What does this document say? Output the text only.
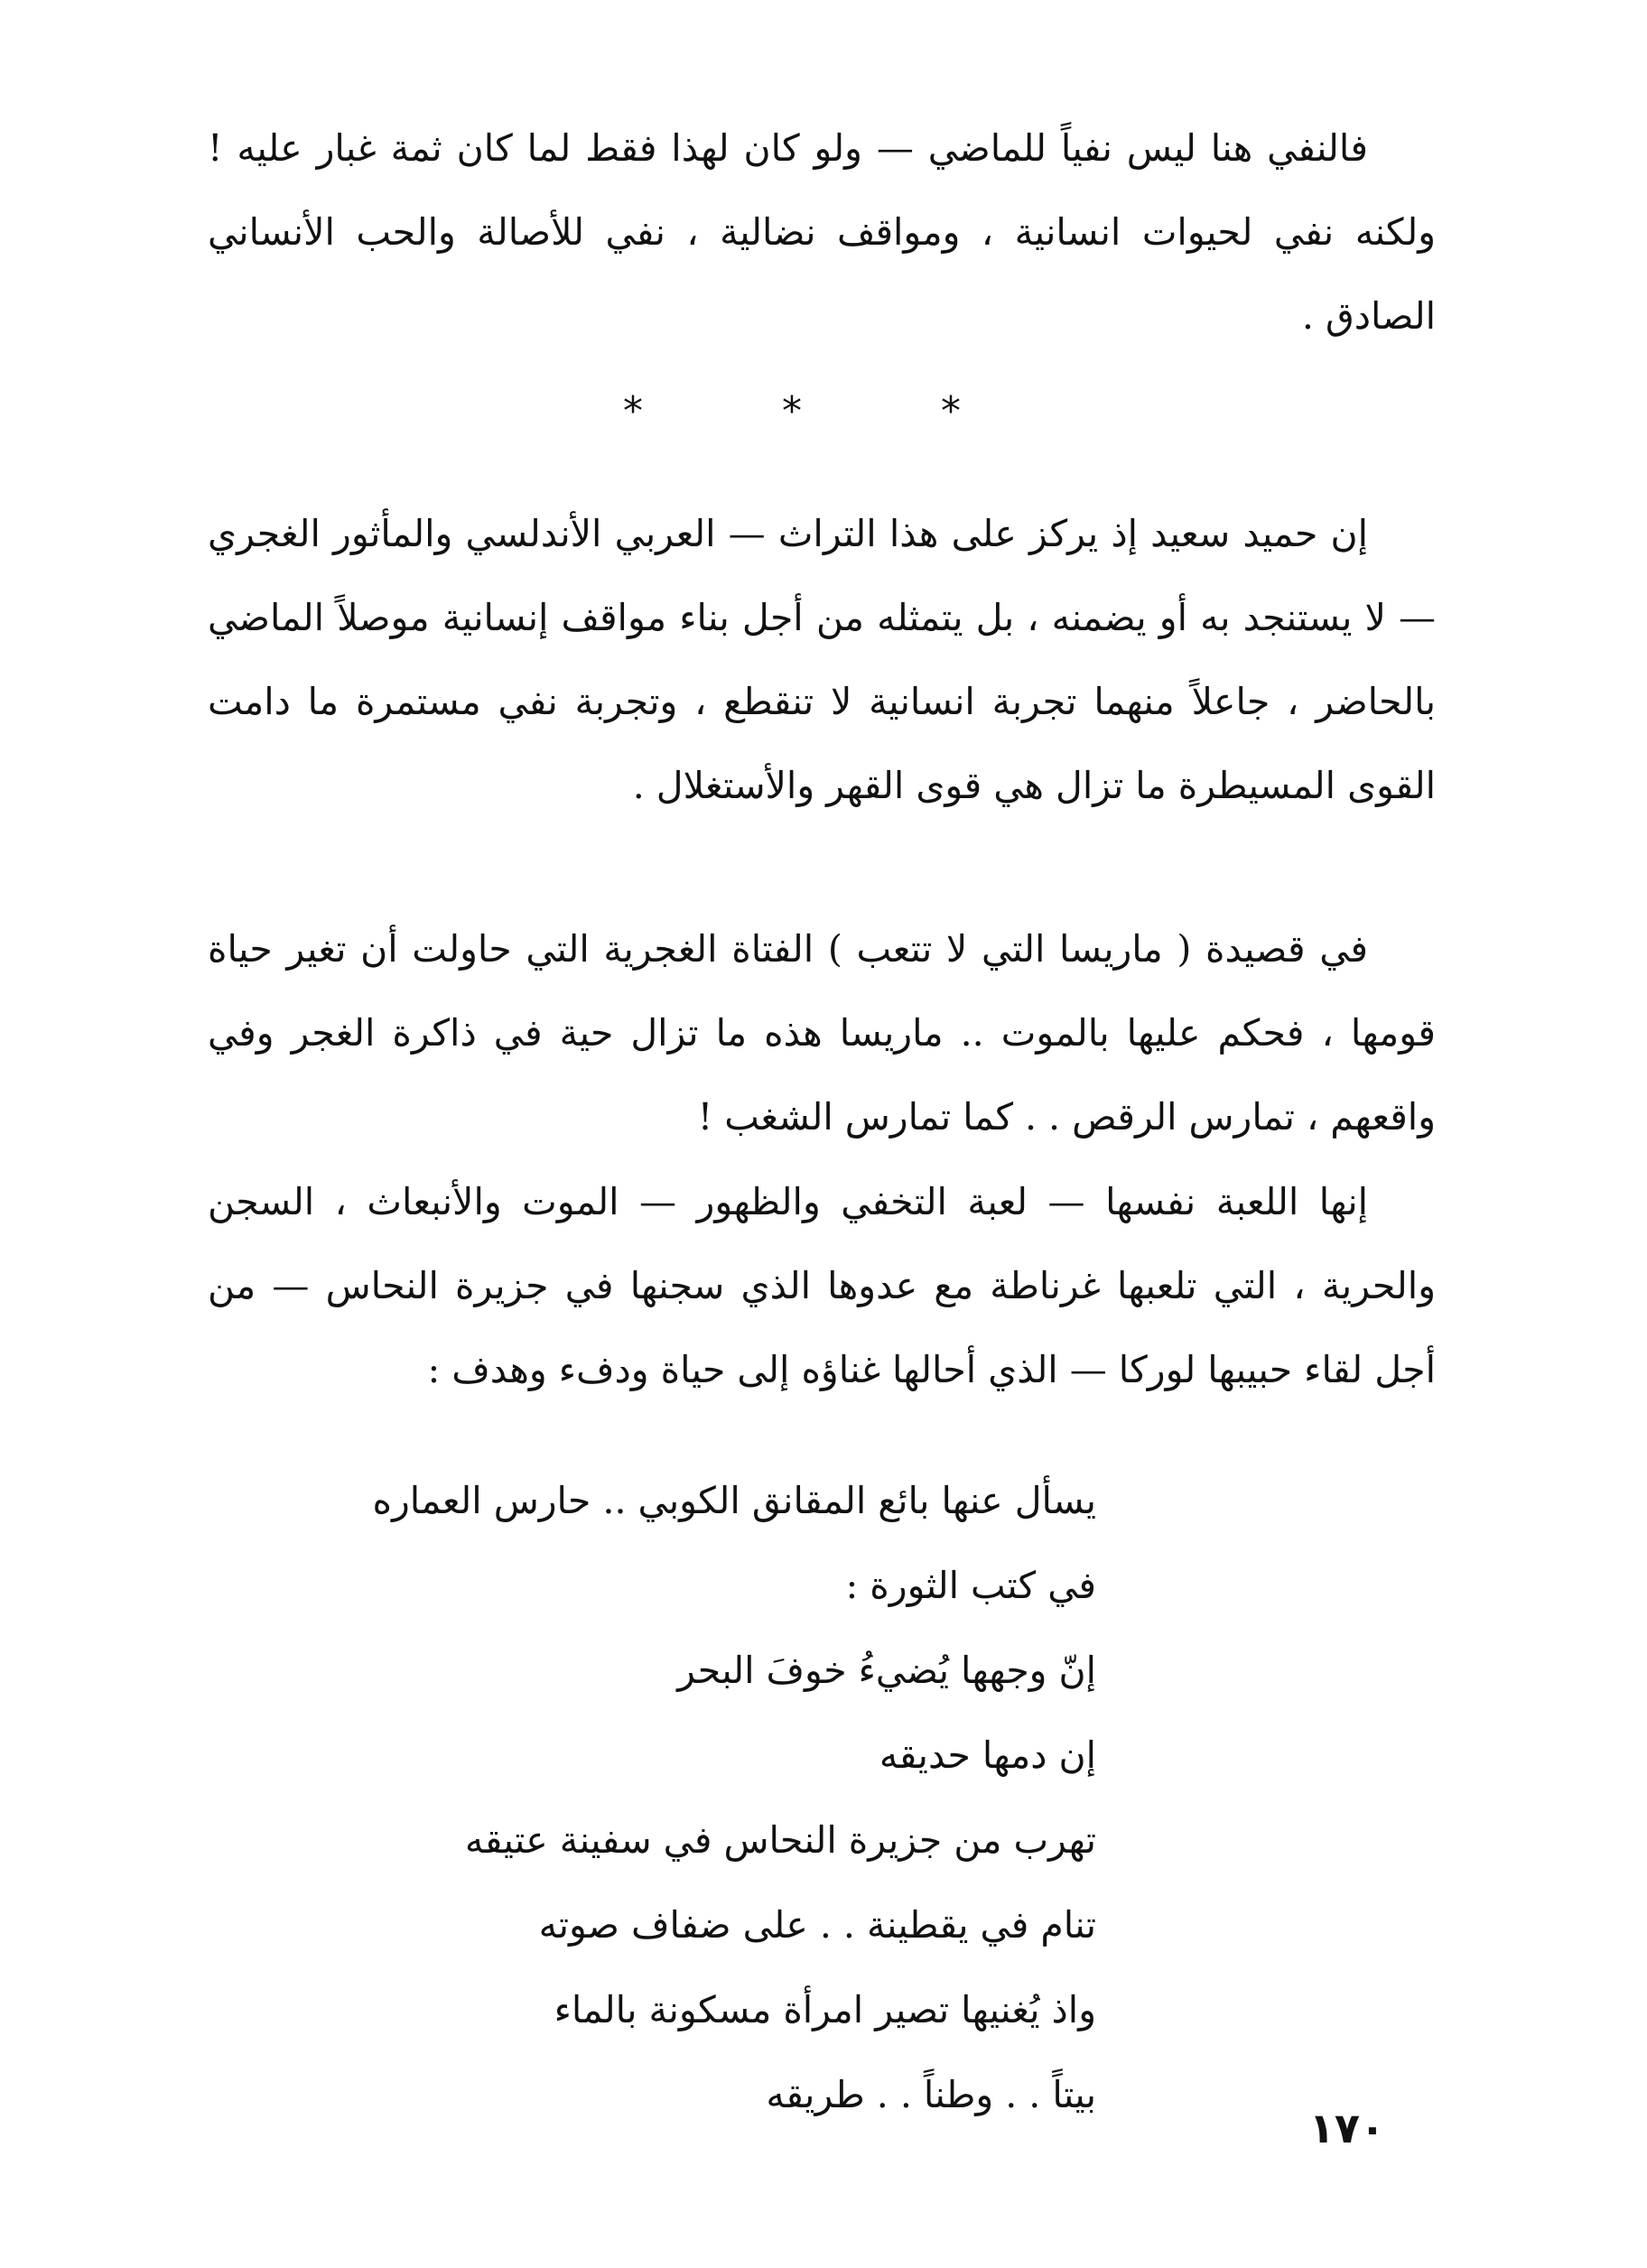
فالنفي هنا ليس نفياً للماضي — ولو كان لهذا فقط لما كان ثمة غبار عليه ! ولكنه نفي لحيوات انسانية ، ومواقف نضالية ، نفي للأصالة والحب الأنساني الصادق .

* * *

إن حميد سعيد إذ يركز على هذا التراث — العربي الأندلسي والمأثور الغجري — لا يستنجد به أو يضمنه ، بل يتمثله من أجل بناء مواقف إنسانية موصلاً الماضي بالحاضر ، جاعلاً منهما تجربة انسانية لا تنقطع ، وتجربة نفي مستمرة ما دامت القوى المسيطرة ما تزال هي قوى القهر والأستغلال .

في قصيدة ( ماريسا التي لا تتعب ) الفتاة الغجرية التي حاولت أن تغير حياة قومها ، فحكم عليها بالموت .. ماريسا هذه ما تزال حية في ذاكرة الغجر وفي واقعهم ، تمارس الرقص . . كما تمارس الشغب !

إنها اللعبة نفسها — لعبة التخفي والظهور — الموت والأنبعاث ، السجن والحرية ، التي تلعبها غرناطة مع عدوها الذي سجنها في جزيرة النحاس — من أجل لقاء حبيبها لوركا — الذي أحالها غناؤه إلى حياة ودفء وهدف :

يسأل عنها بائع المقانق الكوبي .. حارس العماره
في كتب الثورة :
إنّ وجهها يُضيءُ خوفَ البحر
إن دمها حديقه
تهرب من جزيرة النحاس في سفينة عتيقه
تنام في يقطينة . . على ضفاف صوته
واذ يُغنيها تصير امرأة مسكونة بالماء
بيتاً . . وطناً . . طريقه
١٧٠
